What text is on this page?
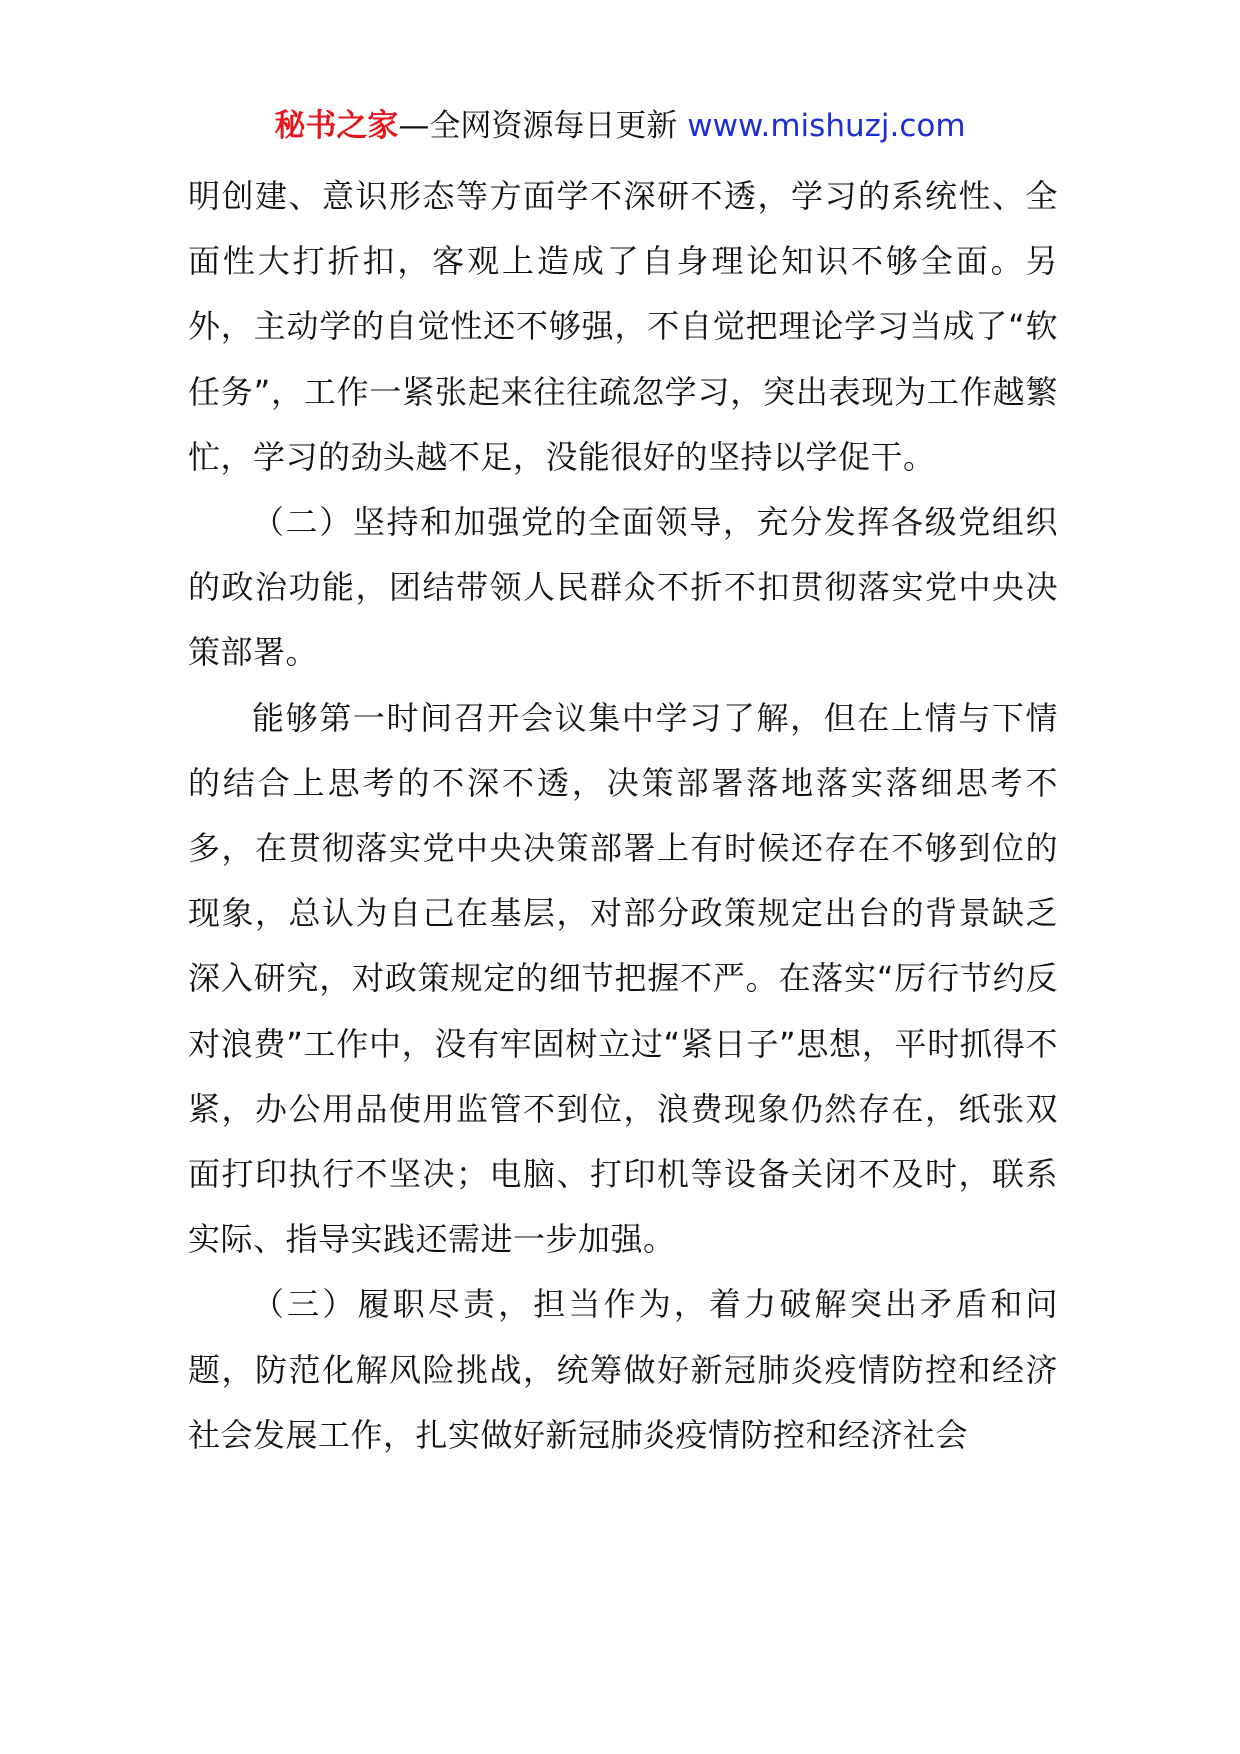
秘书之家—全网资源每日更新 www.mishuzj.com

明创建、意识形态等方面学不深研不透，学习的系统性、全面性大打折扣，客观上造成了自身理论知识不够全面。另外，主动学的自觉性还不够强，不自觉把理论学习当成了“软任务”，工作一紧张起来往往疏忽学习，突出表现为工作越繁忙，学习的劲头越不足，没能很好的坚持以学促干。

（二）坚持和加强党的全面领导，充分发挥各级党组织的政治功能，团结带领人民群众不折不扣贯彻落实党中央决策部署。

能够第一时间召开会议集中学习了解，但在上情与下情的结合上思考的不深不透，决策部署落地落实落细思考不多，在贯彻落实党中央决策部署上有时候还存在不够到位的现象，总认为自己在基层，对部分政策规定出台的背景缺乏深入研究，对政策规定的细节把握不严。在落实“厉行节约反对浪费”工作中，没有牢固树立过“紧日子”思想，平时抓得不紧，办公用品使用监管不到位，浪费现象仍然存在，纸张双面打印执行不坚决；电脑、打印机等设备关闭不及时，联系实际、指导实践还需进一步加强。

（三）履职尽责，担当作为，着力破解突出矛盾和问题，防范化解风险挑战，统筹做好新冠肺炎疫情防控和经济社会发展工作，扎实做好新冠肺炎疫情防控和经济社会
